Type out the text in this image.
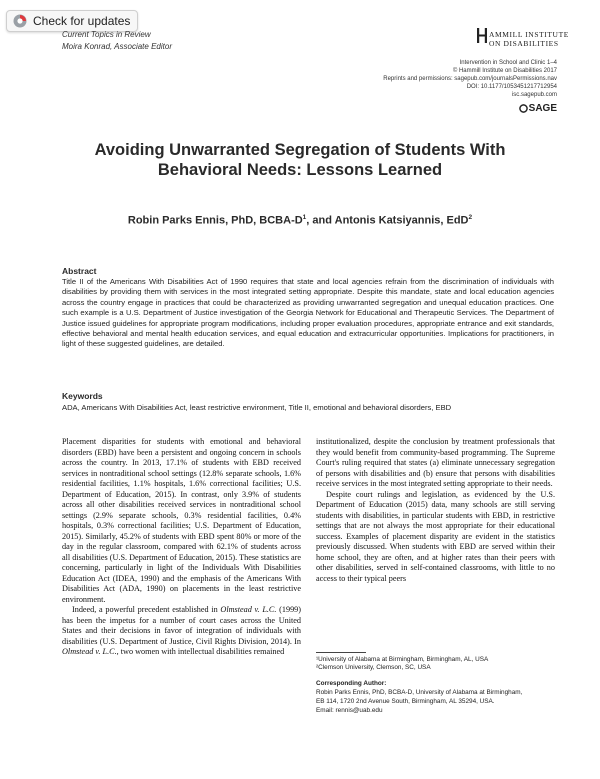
Check for updates
Current Topics in Review
Moira Konrad, Associate Editor
AMMILL INSTITUTE
ON DISABILITIES
Intervention in School and Clinic 1–4
© Hammill Institute on Disabilities 2017
Reprints and permissions: sagepub.com/journalsPermissions.nav
DOI: 10.1177/1053451217712954
isc.sagepub.com
SAGE
Avoiding Unwarranted Segregation of Students With
Behavioral Needs: Lessons Learned
Robin Parks Ennis, PhD, BCBA-$D^1$, and Antonis Katsiyannis, EdD$^2$
Abstract
Title II of the Americans With Disabilities Act of 1990 requires that state and local agencies refrain from the discrimination of individuals with disabilities by providing them with services in the most integrated setting appropriate. Despite this mandate, state and local education agencies across the country engage in practices that could be characterized as providing unwarranted segregation and unequal education practices. One such example is a U.S. Department of Justice investigation of the Georgia Network for Educational and Therapeutic Services. The Department of Justice issued guidelines for appropriate program modifications, including proper evaluation procedures, appropriate entrance and exit standards, effective behavioral and mental health education services, and equal education and extracurricular opportunities. Implications for practitioners, in light of these suggested guidelines, are detailed.
Keywords
ADA, Americans With Disabilities Act, least restrictive environment, Title II, emotional and behavioral disorders, EBD

Placement disparities for students with emotional and behavioral disorders (EBD) have been a persistent and ongoing concern in schools across the country. In 2013, 17.1% of students with EBD received services in nontraditional school settings (12.8% separate schools, 1.6% residential facilities, 1.1% hospitals, 1.6% correctional facilities; U.S. Department of Education, 2015). In contrast, only 3.9% of students across all other disabilities received services in nontraditional school settings (2.9% separate schools, 0.3% residential facilities, 0.4% hospitals, 0.3% correctional facilities; U.S. Department of Education, 2015). Similarly, 45.2% of students with EBD spent 80% or more of the day in the regular classroom, compared with 62.1% of students across all disabilities (U.S. Department of Education, 2015). These statistics are concerning, particularly in light of the Individuals With Disabilities Education Act (IDEA, 1990) and the emphasis of the Americans With Disabilities Act (ADA, 1990) on placements in the least restrictive environment.

Indeed, a powerful precedent established in Olmstead v. L.C. (1999) has been the impetus for a number of court cases across the United States and their decisions in favor of integration of individuals with disabilities (U.S. Department of Justice, Civil Rights Division, 2014). In Olmstead v. L.C., two women with intellectual disabilities remained

institutionalized, despite the conclusion by treatment professionals that they would benefit from community-based programming. The Supreme Court's ruling required that states (a) eliminate unnecessary segregation of persons with disabilities and (b) ensure that persons with disabilities receive services in the most integrated setting appropriate to their needs.

Despite court rulings and legislation, as evidenced by the U.S. Department of Education (2015) data, many schools are still serving students with disabilities, in particular students with EBD, in restrictive settings that are not always the most appropriate for their educational success. Examples of placement disparity are evident in the statistics previously discussed. When students with EBD are served within their home school, they are often, and at higher rates than their peers with other disabilities, served in self-contained classrooms, with little to no access to their typical peers

¹University of Alabama at Birmingham, Birmingham, AL, USA
²Clemson University, Clemson, SC, USA
Corresponding Author:
Robin Parks Ennis, PhD, BCBA-D, University of Alabama at Birmingham,
EB 114, 1720 2nd Avenue South, Birmingham, AL 35294, USA.
Email: rennis@uab.edu
